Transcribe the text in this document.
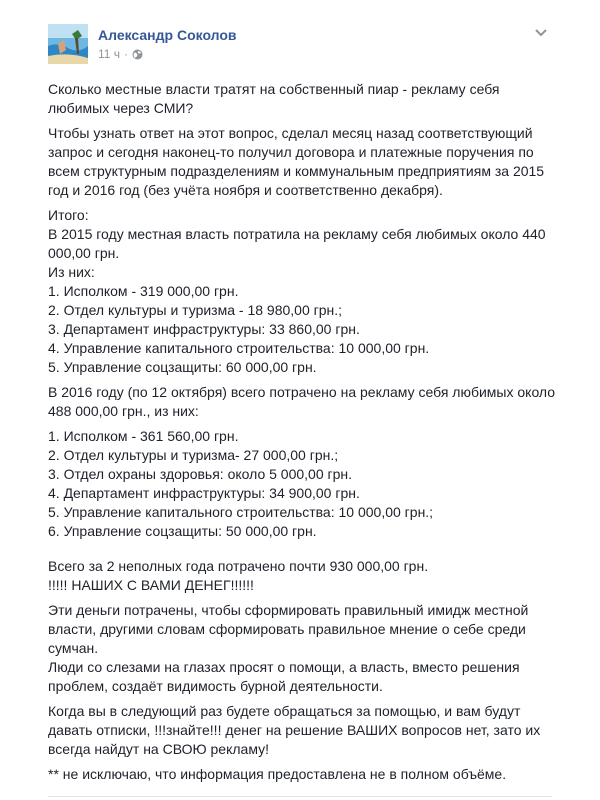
Александр Соколов
11 ч ·

Сколько местные власти тратят на собственный пиар - рекламу себя любимых через СМИ?

Чтобы узнать ответ на этот вопрос, сделал месяц назад соответствующий запрос и сегодня наконец-то получил договора и платежные поручения по всем структурным подразделениям и коммунальным предприятиям за 2015 год и 2016 год (без учёта ноября и соответственно декабря).

Итого:
В 2015 году местная власть потратила на рекламу себя любимых около 440 000,00 грн.
Из них:
1. Исполком - 319 000,00 грн.
2. Отдел культуры и туризма - 18 980,00 грн.;
3. Департамент инфраструктуры: 33 860,00 грн.
4. Управление капитального строительства: 10 000,00 грн.
5. Управление соцзащиты: 60 000,00 грн.

В 2016 году (по 12 октября) всего потрачено на рекламу себя любимых около 488 000,00 грн., из них:

1. Исполком - 361 560,00 грн.
2. Отдел культуры и туризма- 27 000,00 грн.;
3. Отдел охраны здоровья: около 5 000,00 грн.
4. Департамент инфраструктуры: 34 900,00 грн.
5. Управление капитального строительства: 10 000,00 грн.;
6. Управление соцзащиты: 50 000,00 грн.

Всего за 2 неполных года потрачено почти 930 000,00 грн.
!!!!! НАШИХ С ВАМИ ДЕНЕГ!!!!!!

Эти деньги потрачены, чтобы сформировать правильный имидж местной власти, другими словам сформировать правильное мнение о себе среди сумчан.
Люди со слезами на глазах просят о помощи, а власть, вместо решения проблем, создаёт видимость бурной деятельности.

Когда вы в следующий раз будете обращаться за помощью, и вам будут давать отписки, !!!знайте!!! денег на решение ВАШИХ вопросов нет, зато их всегда найдут на СВОЮ рекламу!

** не исключаю, что информация предоставлена не в полном объёме.
